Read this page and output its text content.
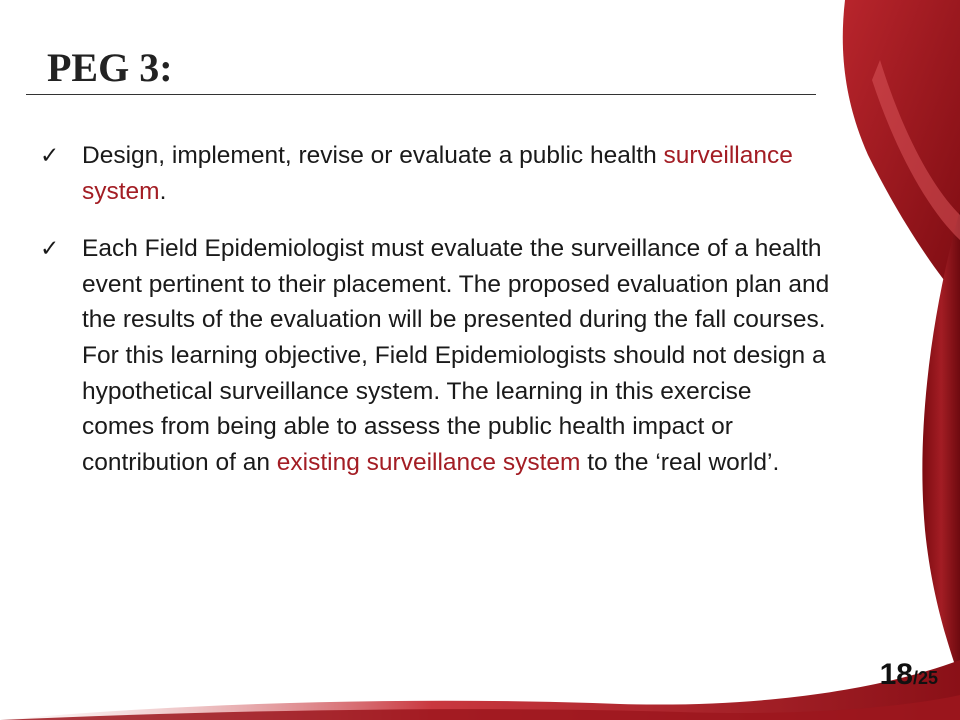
PEG 3:
✓ Design, implement, revise or evaluate a public health surveillance system.
✓ Each Field Epidemiologist must evaluate the surveillance of a health event pertinent to their placement. The proposed evaluation plan and the results of the evaluation will be presented during the fall courses. For this learning objective, Field Epidemiologists should not design a hypothetical surveillance system. The learning in this exercise comes from being able to assess the public health impact or contribution of an existing surveillance system to the ‘real world’.
18/25
